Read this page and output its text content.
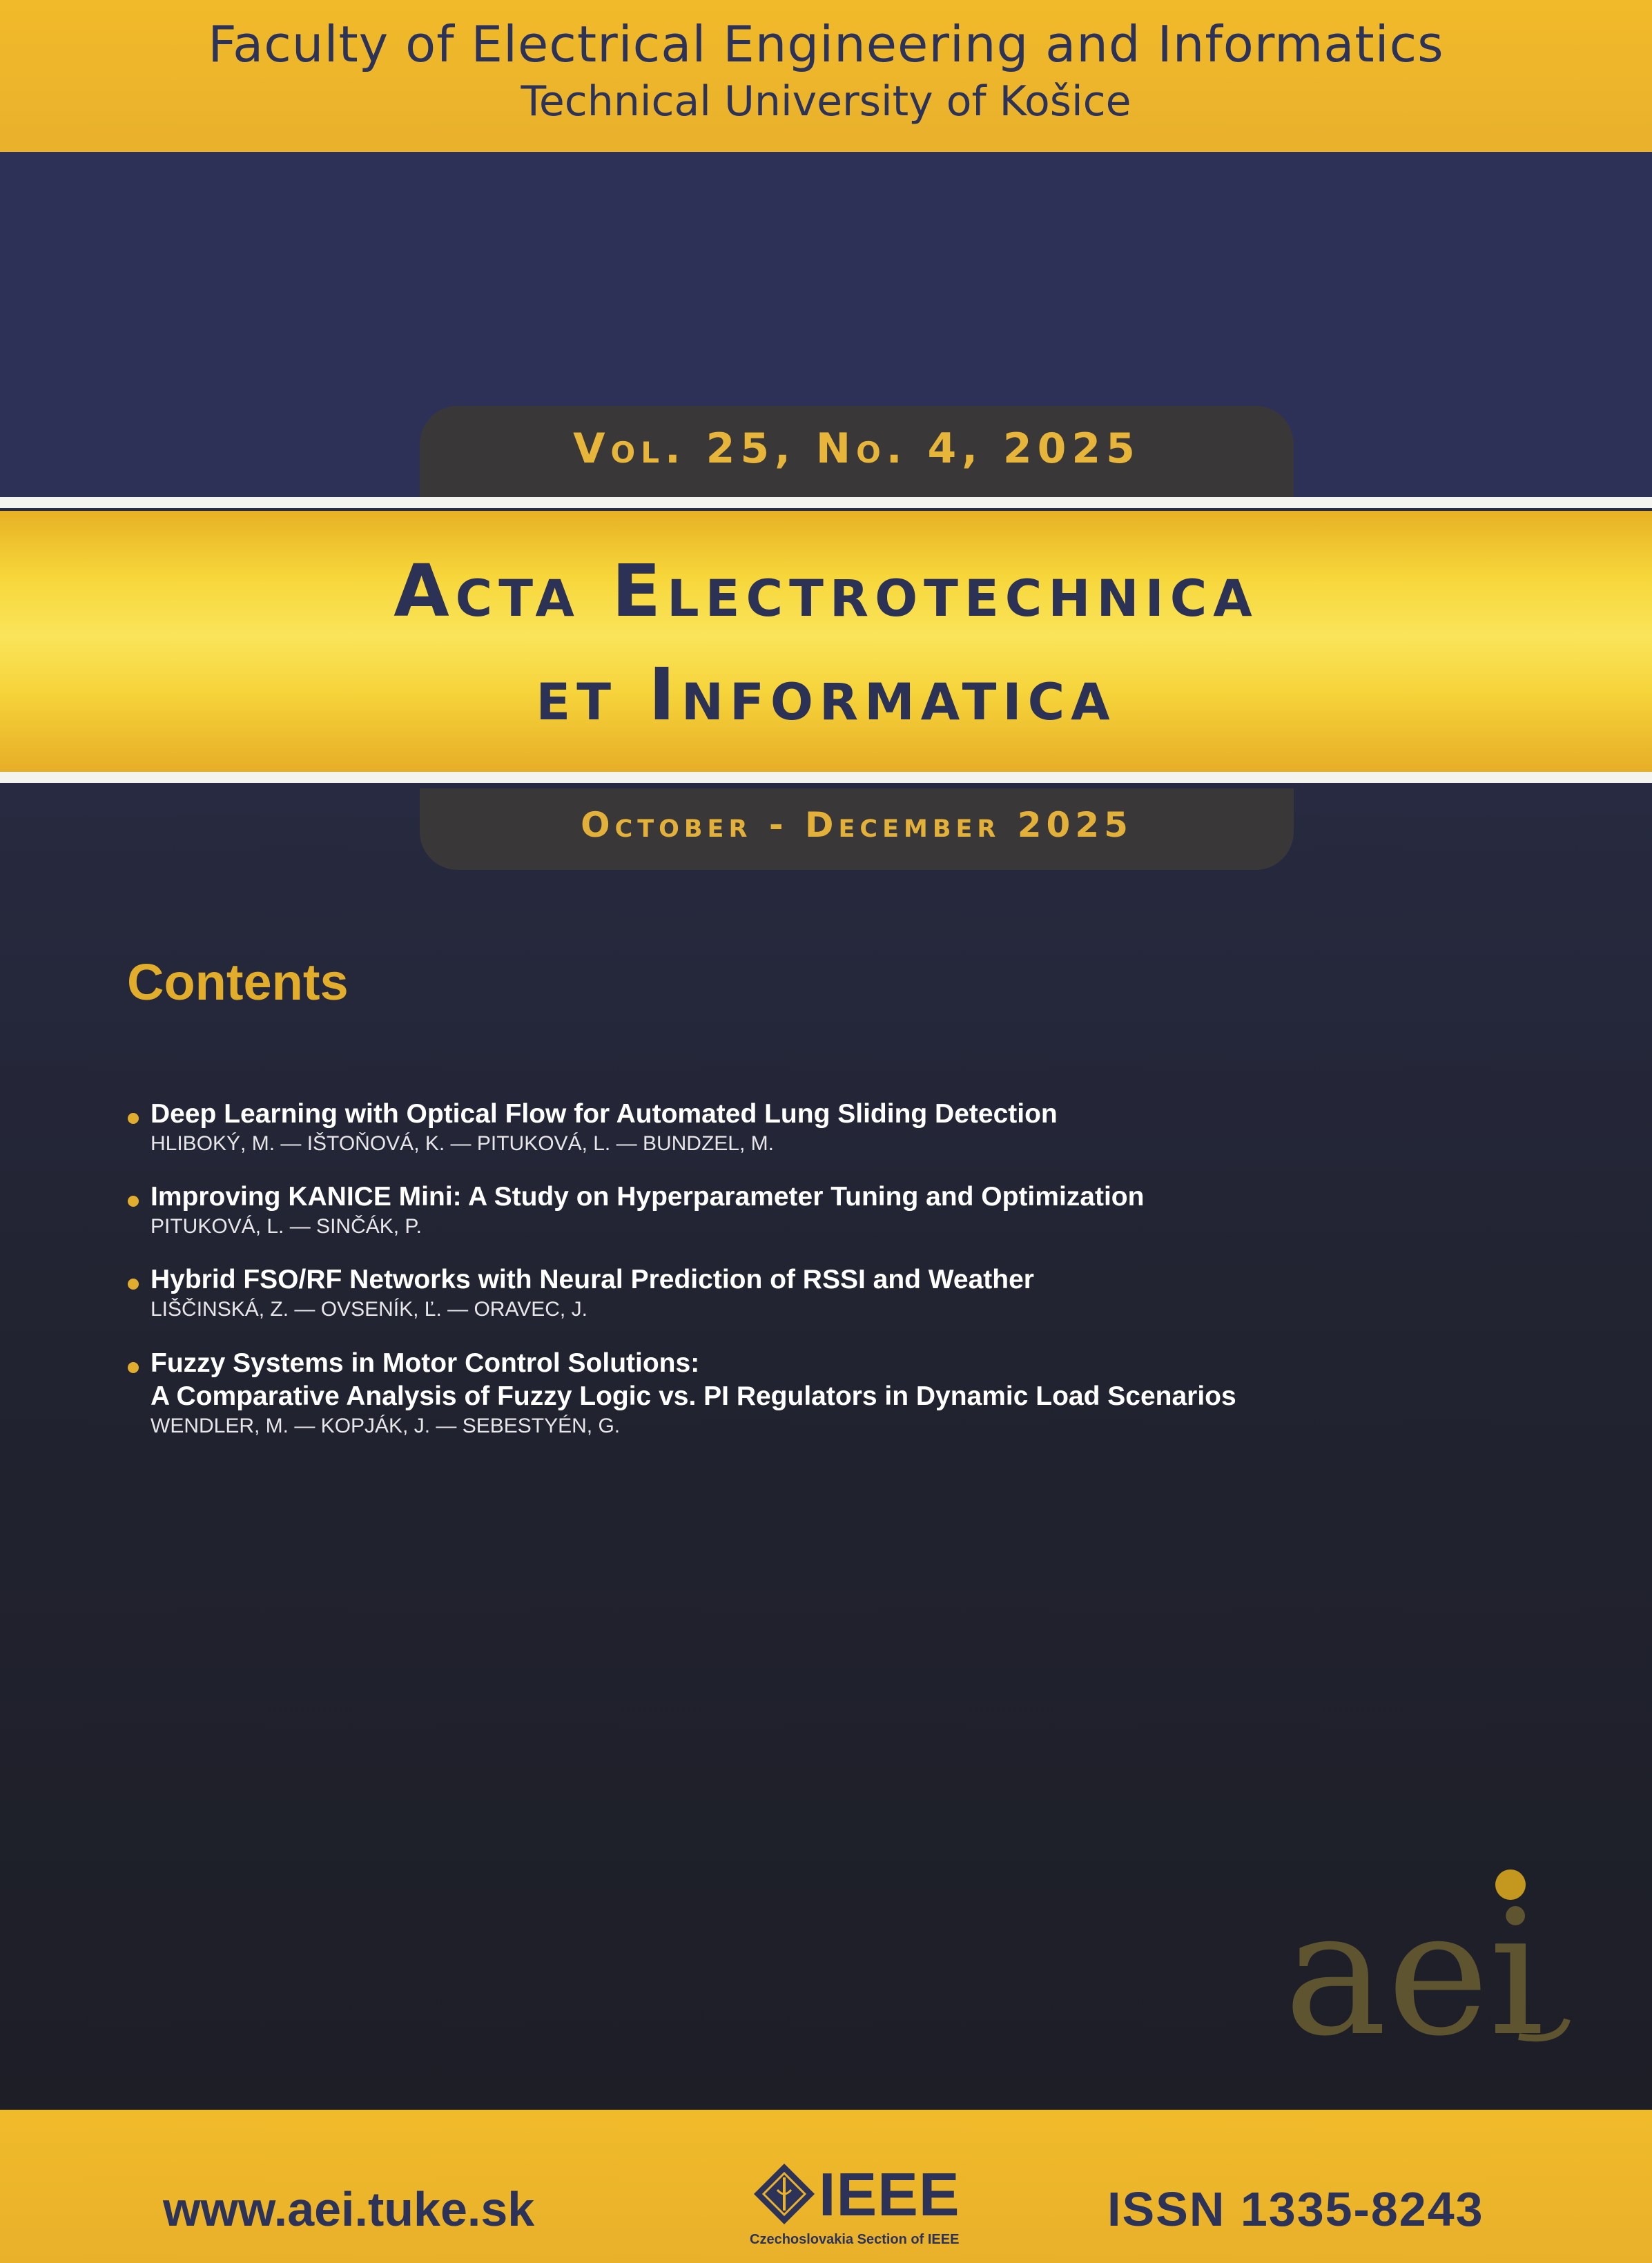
Faculty of Electrical Engineering and Informatics
Technical University of Košice
Vol. 25, No. 4, 2025
Acta Electrotechnica
et Informatica
October - December 2025
Contents
Deep Learning with Optical Flow for Automated Lung Sliding Detection
HLIBOKÝ, M. — IŠTOŇOVÁ, K. — PITUKOVÁ, L. — BUNDZEL, M.
Improving KANICE Mini: A Study on Hyperparameter Tuning and Optimization
PITUKOVÁ, L. — SINČÁK, P.
Hybrid FSO/RF Networks with Neural Prediction of RSSI and Weather
LIŠČINSKÁ, Z. — OVSENÍK, Ľ. — ORAVEC, J.
Fuzzy Systems in Motor Control Solutions:
A Comparative Analysis of Fuzzy Logic vs. PI Regulators in Dynamic Load Scenarios
WENDLER, M. — KOPJÁK, J. — SEBESTYÉN, G.
aei
www.aei.tuke.sk	IEEE
Czechoslovakia Section of IEEE
ISSN 1335-8243
